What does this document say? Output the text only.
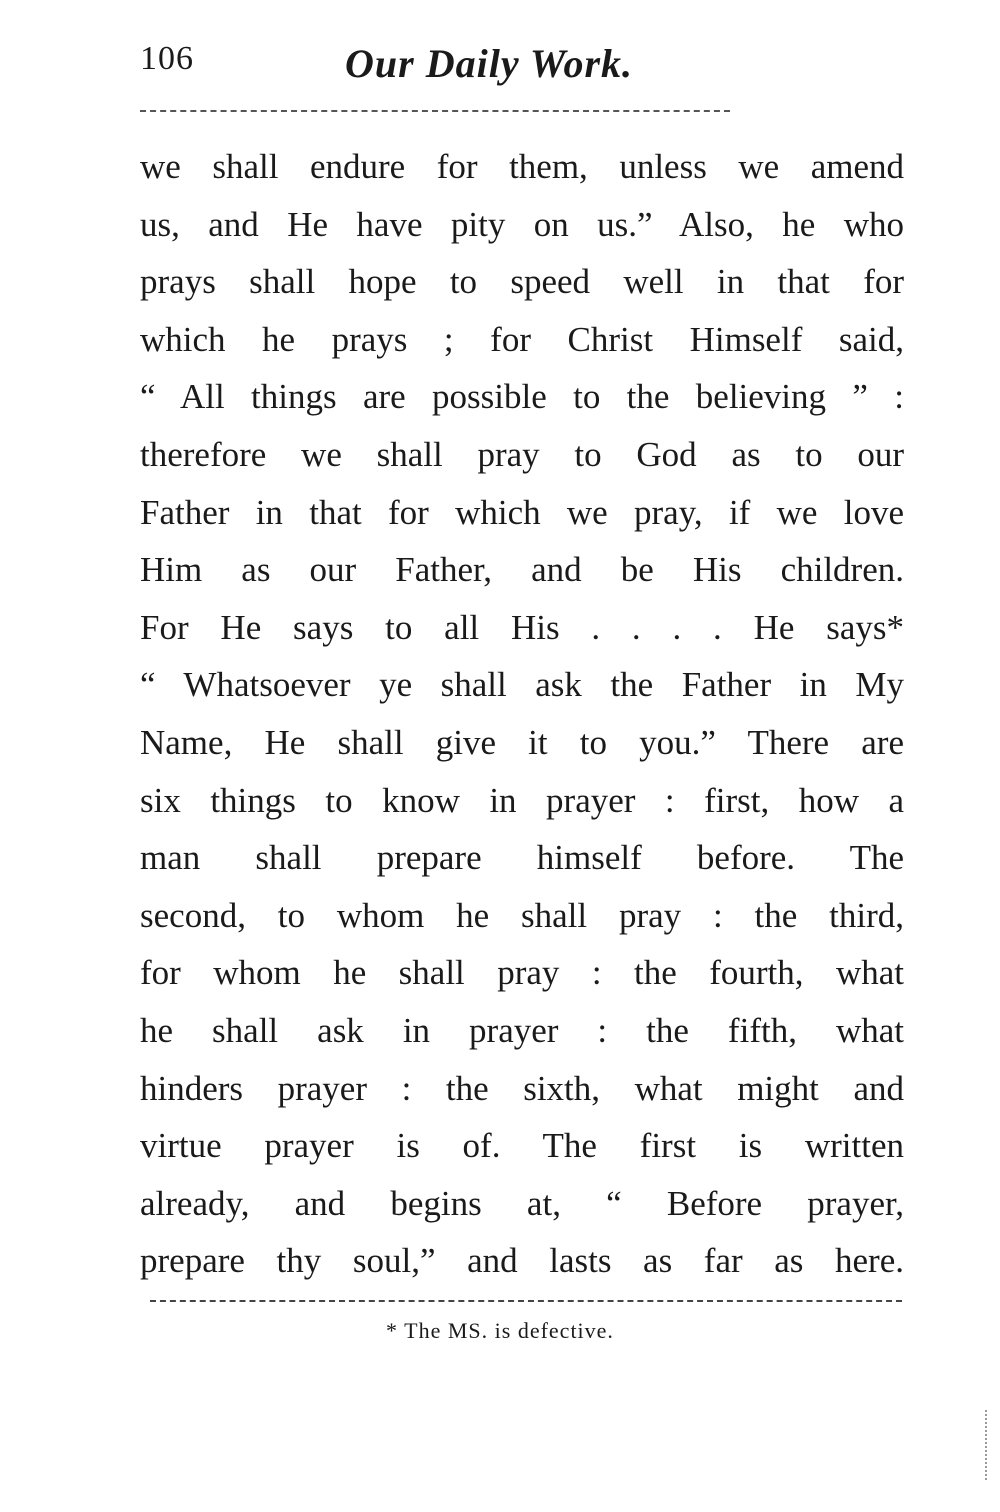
106	Our Daily Work.
we shall endure for them, unless we amend
us, and He have pity on us.” Also, he who
prays shall hope to speed well in that for
which he prays ; for Christ Himself said,
“ All things are possible to the believing ” :
therefore we shall pray to God as to our
Father in that for which we pray, if we love
Him as our Father, and be His children.
For He says to all His . . . . He says*
“ Whatsoever ye shall ask the Father in My
Name, He shall give it to you.” There are
six things to know in prayer : first, how a
man shall prepare himself before. The
second, to whom he shall pray : the third,
for whom he shall pray : the fourth, what
he shall ask in prayer : the fifth, what
hinders prayer : the sixth, what might and
virtue prayer is of. The first is written
already, and begins at, “ Before prayer,
prepare thy soul,” and lasts as far as here.
* The MS. is defective.
